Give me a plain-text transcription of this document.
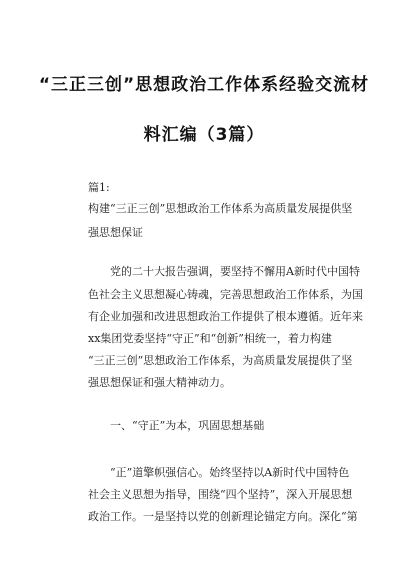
“三正三创”思想政治工作体系经验交流材
料汇编（3篇）
篇1:
构建“三正三创”思想政治工作体系为高质量发展提供坚
强思想保证
党的二十大报告强调，要坚持不懈用A新时代中国特
色社会主义思想凝心铸魂，完善思想政治工作体系，为国
有企业加强和改进思想政治工作提供了根本遵循。近年来
xx集团党委坚持“守正”和“创新”相统一，着力构建
“三正三创”思想政治工作体系，为高质量发展提供了坚
强思想保证和强大精神动力。
一、“守正”为本，巩固思想基础
“正”道擎帜强信心。始终坚持以A新时代中国特色
社会主义思想为指导，围绕“四个坚持”，深入开展思想
政治工作。一是坚持以党的创新理论锚定方向。深化“第
